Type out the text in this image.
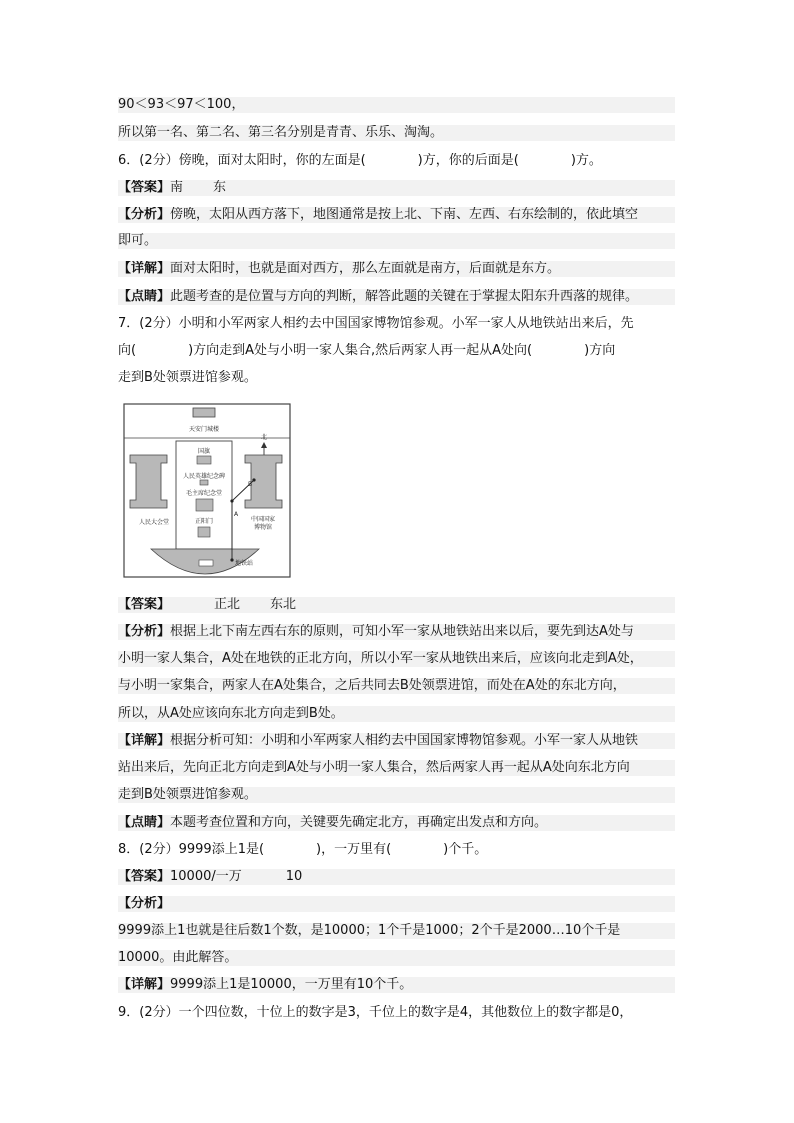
90＜93＜97＜100，
所以第一名、第二名、第三名分别是青青、乐乐、淘淘。
6．(2分）傍晚，面对太阳时，你的左面是(　　　　)方，你的后面是(　　　　)方。
【答案】南 东
【分析】傍晚，太阳从西方落下，地图通常是按上北、下南、左西、右东绘制的，依此填空
即可。
【详解】面对太阳时，也就是面对西方，那么左面就是南方，后面就是东方。
【点睛】此题考查的是位置与方向的判断，解答此题的关键在于掌握太阳东升西落的规律。
7．(2分）小明和小军两家人相约去中国国家博物馆参观。小军一家人从地铁站出来后，先
向(　　　　)方向走到A处与小明一家人集合,然后两家人再一起从A处向(　　　　)方向
走到B处领票进馆参观。
天安门城楼
北
国旗
人民英雄纪念碑
毛主席纪念堂
正阳门
人民大会堂	中国国家
博物馆
地铁站
A
B
【答案】	正北 东北
【分析】根据上北下南左西右东的原则，可知小军一家从地铁站出来以后，要先到达A处与
小明一家人集合，A处在地铁的正北方向，所以小军一家从地铁出来后，应该向北走到A处，
与小明一家集合，两家人在A处集合，之后共同去B处领票进馆，而处在A处的东北方向，
所以，从A处应该向东北方向走到B处。
【详解】根据分析可知：小明和小军两家人相约去中国国家博物馆参观。小军一家人从地铁
站出来后，先向正北方向走到A处与小明一家人集合，然后两家人再一起从A处向东北方向
走到B处领票进馆参观。
【点睛】本题考查位置和方向，关键要先确定北方，再确定出发点和方向。
8．(2分）9999添上1是(　　　　)，一万里有(　　　　)个千。
【答案】10000/一万	10
【分析】
9999添上1也就是往后数1个数，是10000；1个千是1000；2个千是2000…10个千是
10000。由此解答。
【详解】9999添上1是10000，一万里有10个千。
9．(2分）一个四位数，十位上的数字是3，千位上的数字是4，其他数位上的数字都是0，
